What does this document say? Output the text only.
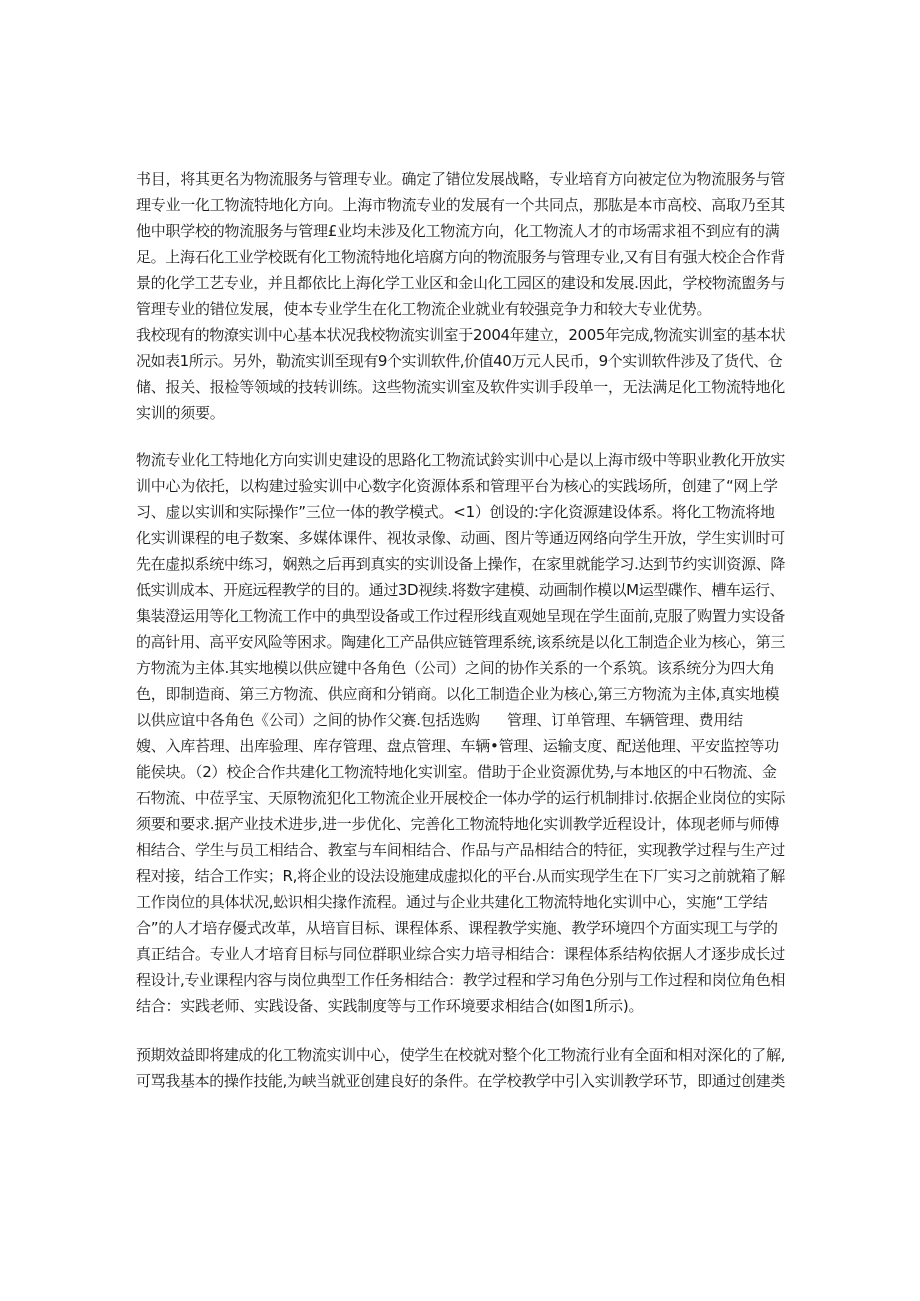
书目，将其更名为物流服务与管理专业。确定了错位发展战略，专业培育方向被定位为物流服务与管
理专业一化工物流特地化方向。上海市物流专业的发展有一个共同点，那肱是本市高校、高取乃至其
他中职学校的物流服务与管理£业均未涉及化工物流方向，化工物流人才的市场需求祖不到应有的满
足。上海石化工业学校既有化工物流特地化培腐方向的物流服务与管理专业,又有目有强大校企合作背
景的化学工艺专业，并且都依比上海化学工业区和金山化工园区的建设和发展.因此，学校物流盥务与
管理专业的错位发展，使本专业学生在化工物流企业就业有较强竞争力和较大专业优势。
我校现有的物潦实训中心基本状况我校物流实训室于2004年建立，2005年完成,物流实训室的基本状
况如表1所示。另外，勒流实训至现有9个实训软件,价值40万元人民币，9个实训软件涉及了货代、仓
储、报关、报检等领域的技转训练。这些物流实训室及软件实训手段单一，无法满足化工物流特地化
实训的须要。
物流专业化工特地化方向实训史建设的思路化工物流试鈴实训中心是以上海市级中等职业教化开放实
训中心为依托，以构建过验实训中心数字化资源体系和管理平台为核心的实践场所，创建了“网上学
习、虚以实训和实际操作”三位一体的教学模式。<1）创设的:字化资源建设体系。将化工物流将地
化实训课程的电子数案、多媒体课件、视妆录像、动画、图片等通迈网络向学生开放，学生实训时可
先在虚拟系统中练习，娴熟之后再到真实的实训设备上操作，在家里就能学习.达到节约实训资源、降
低实训成本、开庭远程教学的目的。通过3D视续.将数字建模、动画制作模以M运型碟作、槽车运行、
集装澄运用等化工物流工作中的典型设备或工作过程形线直观她呈现在学生面前,克服了购置力实设备
的高针用、高平安风险等困求。陶建化工产品供应链管理系统,该系统是以化工制造企业为核心，第三
方物流为主体.其实地模以供应键中各角色（公司）之间的协作关系的一个系筑。该系统分为四大角
色，即制造商、第三方物流、供应商和分销商。以化工制造企业为核心,第三方物流为主体,真实地模
以供应谊中各角色《公司）之间的协作父赛.包括选购      管理、订单管理、车辆管理、费用结
嫂、入库苔理、出库验理、库存管理、盘点管理、车辆•管理、运输支度、配送他理、平安监控等功
能侯块。（2）校企合作共建化工物流特地化实训室。借助于企业资源优势,与本地区的中石物流、金
石物流、中莅孚宝、天原物流犯化工物流企业开展校企一体办学的运行机制排讨.依据企业岗位的实际
须要和要求.据产业技术进步,进一步优化、完善化工物流特地化实训教学近程设计，体现老师与师傅
相结合、学生与员工相结合、教室与车间相结合、作品与产品相结合的特征，实现教学过程与生产过
程对接，结合工作实；R,将企业的设法设施建成虚拟化的平台.从而实现学生在下厂实习之前就箱了解
工作岗位的具体状况,蚣识相尖掾作流程。通过与企业共建化工物流特地化实训中心，实施“工学结
合”的人才培存優式改革，从培盲目标、课程体系、课程教学实施、教学环境四个方面实现工与学的
真正结合。专业人才培育目标与同位群职业综合实力培寻相结合：课程体系结构依据人才逐步成长过
程设计,专业课程内容与岗位典型工作任务相结合：教学过程和学习角色分别与工作过程和岗位角色相
结合：实践老师、实践设备、实践制度等与工作环境要求相结合(如图1所示)。
预期效益即将建成的化工物流实训中心，使学生在校就对整个化工物流行业有全面和相对深化的了解,
可骂我基本的操作技能,为峡当就亚创建良好的条件。在学校教学中引入实训教学环节，即通过创建类
